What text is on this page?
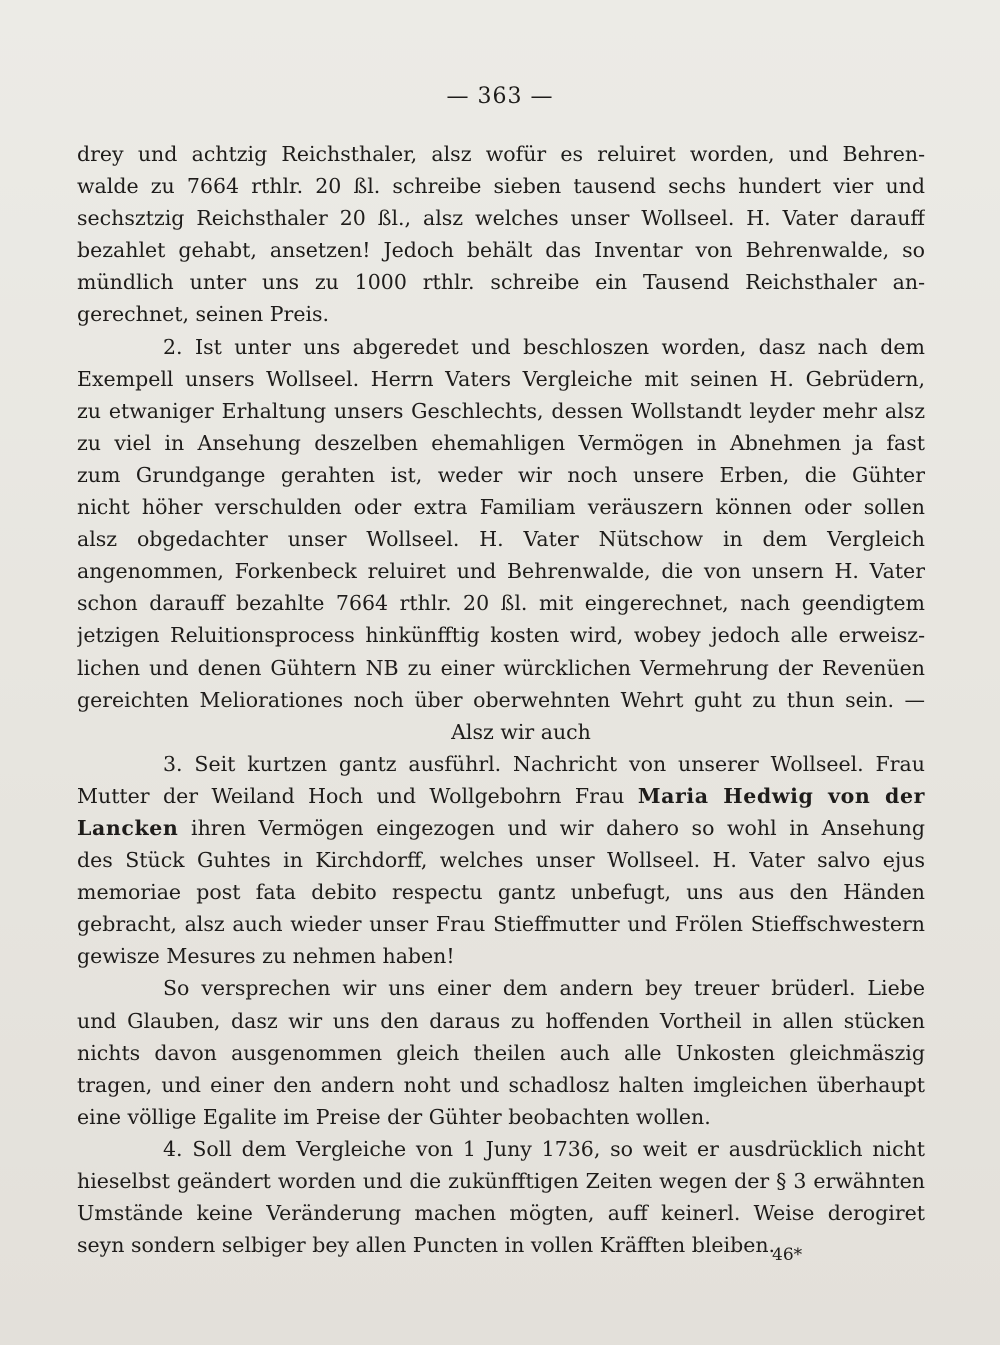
— 363 —
drey und achtzig Reichsthaler, alsz wofür es reluiret worden, und Behren-
walde zu 7664 rthlr. 20 ßl. schreibe sieben tausend sechs hundert vier und
sechsztzig Reichsthaler 20 ßl., alsz welches unser Wollseel. H. Vater darauff
bezahlet gehabt, ansetzen! Jedoch behält das Inventar von Behrenwalde, so
mündlich unter uns zu 1000 rthlr. schreibe ein Tausend Reichsthaler an-
gerechnet, seinen Preis.
2. Ist unter uns abgeredet und beschloszen worden, dasz nach dem
Exempell unsers Wollseel. Herrn Vaters Vergleiche mit seinen H. Gebrüdern,
zu etwaniger Erhaltung unsers Geschlechts, dessen Wollstandt leyder mehr alsz
zu viel in Ansehung deszelben ehemahligen Vermögen in Abnehmen ja fast
zum Grundgange gerahten ist, weder wir noch unsere Erben, die Gühter
nicht höher verschulden oder extra Familiam veräuszern können oder sollen
alsz obgedachter unser Wollseel. H. Vater Nütschow in dem Vergleich
angenommen, Forkenbeck reluiret und Behrenwalde, die von unsern H. Vater
schon darauff bezahlte 7664 rthlr. 20 ßl. mit eingerechnet, nach geendigtem
jetzigen Reluitionsprocess hinkünfftig kosten wird, wobey jedoch alle erweisz-
lichen und denen Gühtern NB zu einer würcklichen Vermehrung der Revenüen
gereichten Meliorationes noch über oberwehnten Wehrt guht zu thun sein. —
Alsz wir auch
3. Seit kurtzen gantz ausführl. Nachricht von unserer Wollseel. Frau
Mutter der Weiland Hoch und Wollgebohrn Frau Maria Hedwig von der
Lancken ihren Vermögen eingezogen und wir dahero so wohl in Ansehung
des Stück Guhtes in Kirchdorff, welches unser Wollseel. H. Vater salvo ejus
memoriae post fata debito respectu gantz unbefugt, uns aus den Händen
gebracht, alsz auch wieder unser Frau Stieffmutter und Frölen Stieffschwestern
gewisze Mesures zu nehmen haben!
So versprechen wir uns einer dem andern bey treuer brüderl. Liebe
und Glauben, dasz wir uns den daraus zu hoffenden Vortheil in allen stücken
nichts davon ausgenommen gleich theilen auch alle Unkosten gleichmäszig
tragen, und einer den andern noht und schadlosz halten imgleichen überhaupt
eine völlige Egalite im Preise der Gühter beobachten wollen.
4. Soll dem Vergleiche von 1 Juny 1736, so weit er ausdrücklich nicht
hieselbst geändert worden und die zukünfftigen Zeiten wegen der § 3 erwähnten
Umstände keine Veränderung machen mögten, auff keinerl. Weise derogiret
seyn sondern selbiger bey allen Puncten in vollen Kräfften bleiben.
46*
